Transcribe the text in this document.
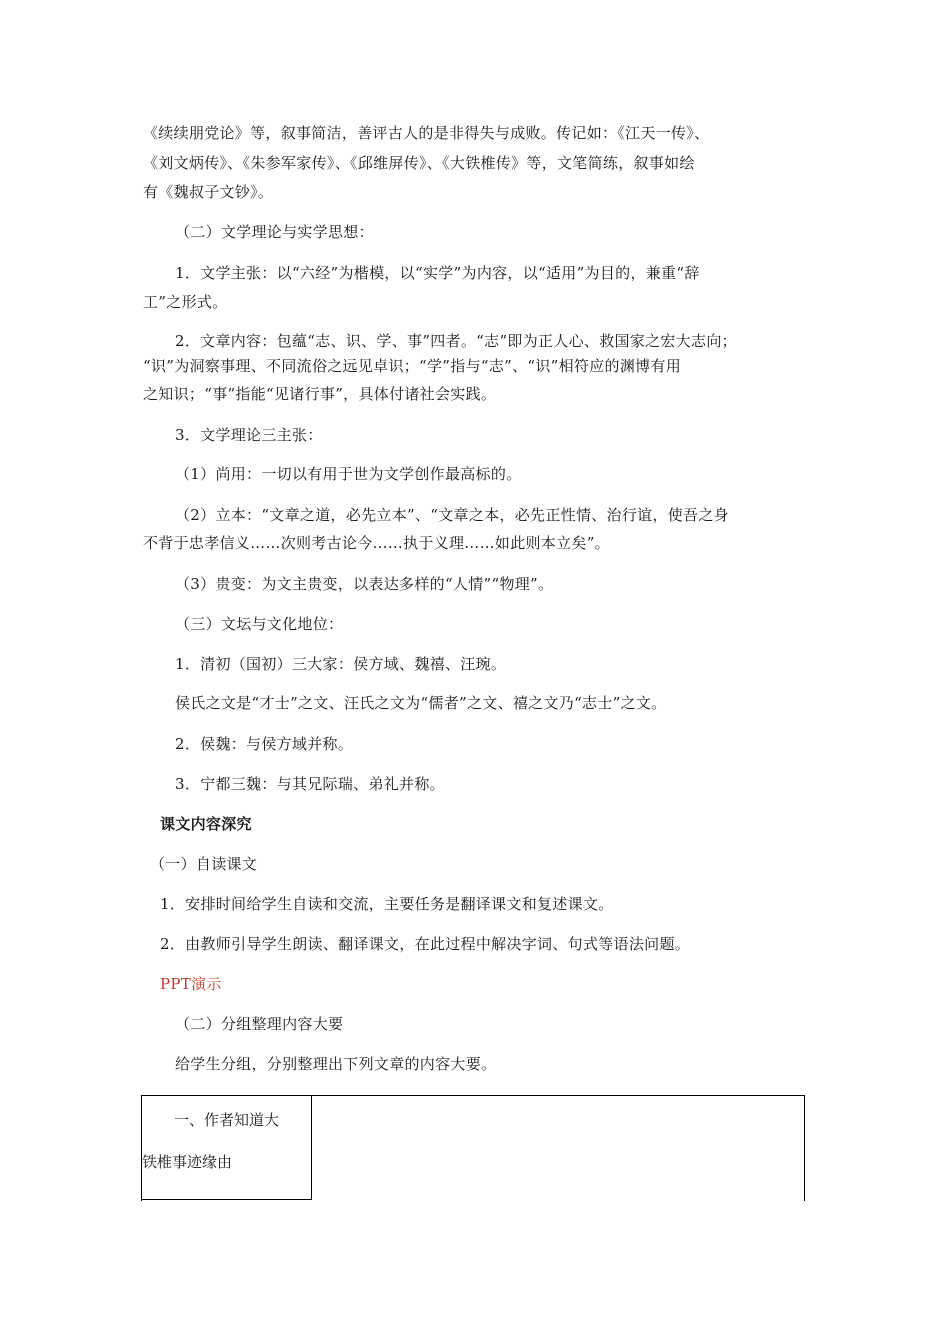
《续续朋党论》等，叙事简洁，善评古人的是非得失与成败。传记如：《江天一传》、
《刘文炳传》、《朱参军家传》、《邱维屏传》、《大铁椎传》等，文笔简练，叙事如绘
有《魏叔子文钞》。
（二）文学理论与实学思想：
1．文学主张：以“六经”为楷模，以“实学”为内容，以“适用”为目的，兼重“辞
工”之形式。
2．文章内容：包蕴“志、识、学、事”四者。“志”即为正人心、救国家之宏大志向；
“识”为洞察事理、不同流俗之远见卓识；“学”指与“志”、“识”相符应的渊博有用
之知识；“事”指能“见诸行事”，具体付诸社会实践。
3．文学理论三主张：
（1）尚用：一切以有用于世为文学创作最高标的。
（2）立本：“文章之道，必先立本”、“文章之本，必先正性情、治行谊，使吾之身
不背于忠孝信义……次则考古论今……执于义理……如此则本立矣”。
（3）贵变：为文主贵变，以表达多样的“人情”“物理”。
（三）文坛与文化地位：
1．清初（国初）三大家：侯方域、魏禧、汪琬。
侯氏之文是“才士”之文、汪氏之文为“儒者”之文、禧之文乃“志士”之文。
2．侯魏：与侯方域并称。
3．宁都三魏：与其兄际瑞、弟礼并称。
课文内容深究
（一）自读课文
1．安排时间给学生自读和交流，主要任务是翻译课文和复述课文。
2．由教师引导学生朗读、翻译课文，在此过程中解决字词、句式等语法问题。
PPT演示
（二）分组整理内容大要
给学生分组，分别整理出下列文章的内容大要。
一、作者知道大
铁椎事迹缘由
